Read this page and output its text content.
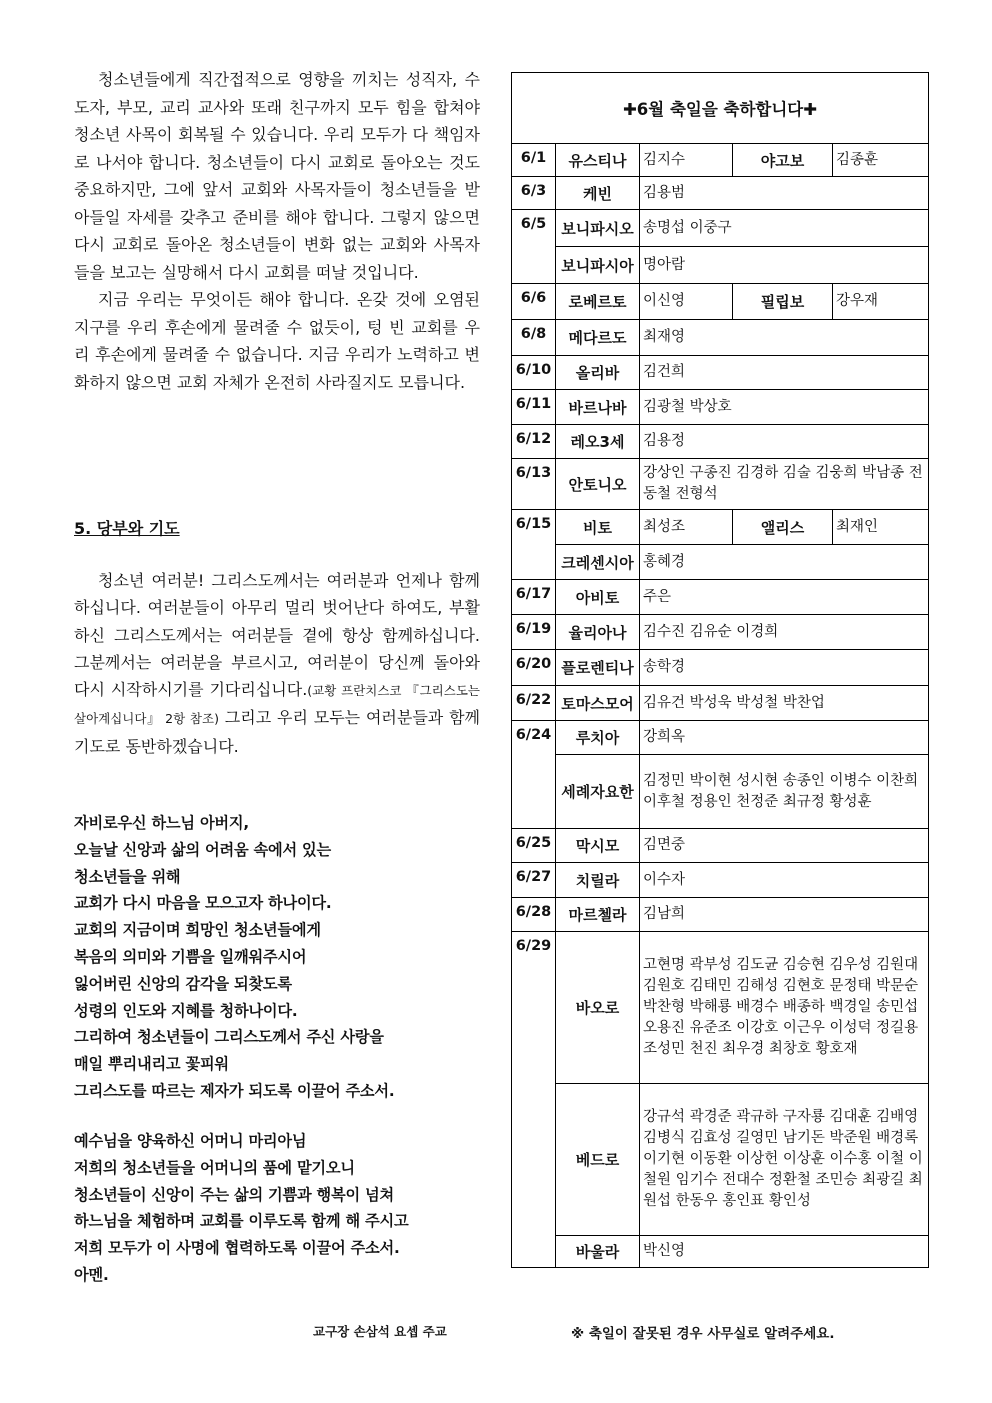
청소년들에게 직간접적으로 영향을 끼치는 성직자, 수도자, 부모, 교리 교사와 또래 친구까지 모두 힘을 합쳐야 청소년 사목이 회복될 수 있습니다. 우리 모두가 다 책임자로 나서야 합니다. 청소년들이 다시 교회로 돌아오는 것도 중요하지만, 그에 앞서 교회와 사목자들이 청소년들을 받아들일 자세를 갖추고 준비를 해야 합니다. 그렇지 않으면 다시 교회로 돌아온 청소년들이 변화 없는 교회와 사목자들을 보고는 실망해서 다시 교회를 떠날 것입니다.

지금 우리는 무엇이든 해야 합니다. 온갖 것에 오염된 지구를 우리 후손에게 물려줄 수 없듯이, 텅 빈 교회를 우리 후손에게 물려줄 수 없습니다. 지금 우리가 노력하고 변화하지 않으면 교회 자체가 온전히 사라질지도 모릅니다.

5. 당부와 기도

청소년 여러분! 그리스도께서는 여러분과 언제나 함께하십니다. 여러분들이 아무리 멀리 벗어난다 하여도, 부활하신 그리스도께서는 여러분들 곁에 항상 함께하십니다. 그분께서는 여러분을 부르시고, 여러분이 당신께 돌아와 다시 시작하시기를 기다리십니다.(교황 프란치스코 『그리스도는 살아계십니다』 2항 참조) 그리고 우리 모두는 여러분들과 함께 기도로 동반하겠습니다.

자비로우신 하느님 아버지,
오늘날 신앙과 삶의 어려움 속에서 있는
청소년들을 위해
교회가 다시 마음을 모으고자 하나이다.
교회의 지금이며 희망인 청소년들에게
복음의 의미와 기쁨을 일깨워주시어
잃어버린 신앙의 감각을 되찾도록
성령의 인도와 지혜를 청하나이다.
그리하여 청소년들이 그리스도께서 주신 사랑을
매일 뿌리내리고 꽃피워
그리스도를 따르는 제자가 되도록 이끌어 주소서.
예수님을 양육하신 어머니 마리아님
저희의 청소년들을 어머니의 품에 맡기오니
청소년들이 신앙이 주는 삶의 기쁨과 행복이 넘쳐
하느님을 체험하며 교회를 이루도록 함께 해 주시고
저희 모두가 이 사명에 협력하도록 이끌어 주소서.
아멘.
교구장 손삼석 요셉 주교	※ 축일이 잘못된 경우 사무실로 알려주세요.
✚6월 축일을 축하합니다✚				
6/1	유스티나	김지수	야고보	김종훈
6/3	케빈	김용범		
6/5	보니파시오	송명섭 이중구		
	보니파시아	명아람		
6/6	로베르토	이신영	필립보	강우재
6/8	메다르도	최재영		
6/10	올리바	김건희		
6/11	바르나바	김광철 박상호		
6/12	레오3세	김용정		
6/13	안토니오	강상인 구종진 김경하 김술 김웅희 박남종 전동철 전형석		
6/15	비토	최성조	앨리스	최재인
	크레센시아	홍혜경		
6/17	아비토	주은		
6/19	율리아나	김수진 김유순 이경희		
6/20	플로렌티나	송학경		
6/22	토마스모어	김유건 박성욱 박성철 박찬업		
6/24	루치아	강희옥		
	세례자요한	김정민 박이현 성시현 송종인 이병수 이찬희 이후철 정용인 천정준 최규정 황성훈		
6/25	막시모	김면중		
6/27	치릴라	이수자		
6/28	마르첼라	김남희		
6/29	바오로	고현명 곽부성 김도균 김승현 김우성 김원대 김원호 김태민 김해성 김현호 문정태 박문순 박찬형 박해룡 배경수 배종하 백경일 송민섭 오용진 유준조 이강호 이근우 이성덕 정길용 조성민 천진 최우경 최창호 황호재		
	베드로	강규석 곽경준 곽규하 구자룡 김대훈 김배영 김병식 김효성 길영민 남기돈 박준원 배경록 이기현 이동환 이상헌 이상훈 이수홍 이철 이철원 임기수 전대수 정환철 조민승 최광길 최원섭 한동우 홍인표 황인성		
	바울라	박신영		
